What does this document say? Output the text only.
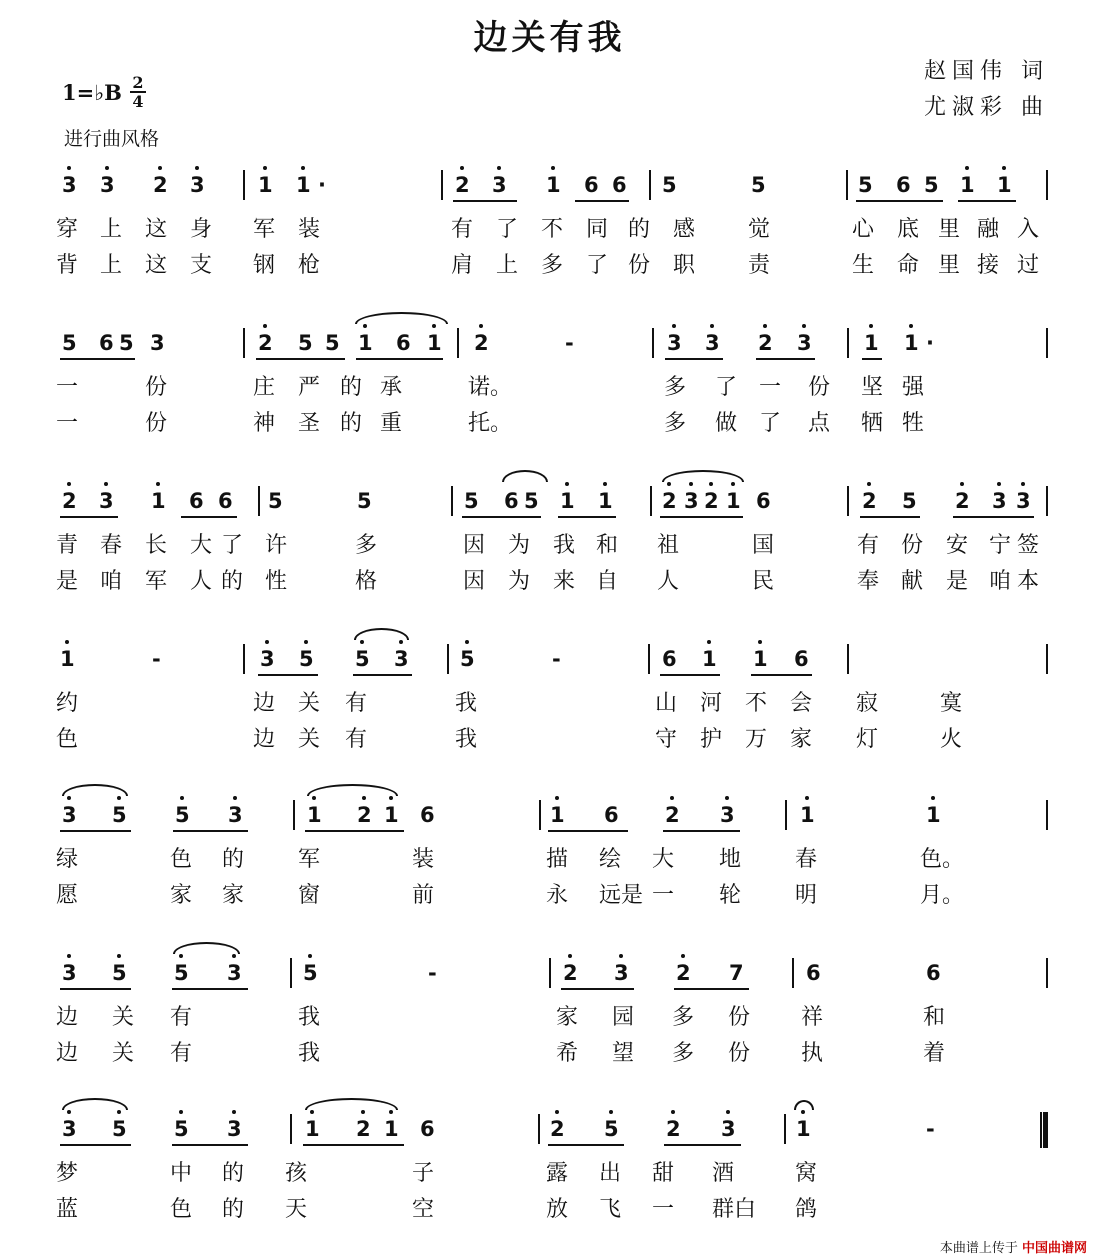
边关有我
赵国伟 词
尤淑彩 曲
1=♭B 2
4
进行曲风格
3 3 2 3	1 1 ·	2 3 1 6 6 5	5	5 6 5 1 1
穿 上 这 身 军 装	有 了 不 同 的 感 觉	心 底 里 融 入
背 上 这 支 钢 枪	肩 上 多 了 份 职 责	生 命 里 接 过
5 6 5 3	2 5 5 1 6 1 2	-	3 3 2 3 1 1 ·
一	份	庄 严 的 承	诺。	多 了 一 份 坚 强
一	份	神 圣 的 重	托。	多 做 了 点 牺 牲
2 3 1 6 6 5	5	5 6 5 1 1 2 3 2 1 6	2 5 2 3 3
青 春 长 大 了 许	多	因 为 我 和 祖	国	有 份 安 宁 签
是 咱 军 人 的 性	格	因 为 来 自 人	民	奉 献 是 咱 本
1	-	3 5 5 3 5	-	6 1 1 6
约	边 关 有	我	山 河 不 会 寂	寞
色	边 关 有	我	守 护 万 家 灯	火
3 5 5 3	1 2 1 6	1 6 2 3	1	1
绿	色 的 军	装	描 绘 大 地 春	色。
愿	家 家 窗	前	永 远是 一 轮 明	月。
3 5 5 3	5	-	2 3 2 7	6	6
边 关 有	我	家 园 多 份 祥	和
边 关 有	我	希 望 多 份 执	着
3 5 5 3	1 2 1 6	2 5 2 3	1	-
梦	中 的 孩	子	露 出 甜 酒	窝
蓝	色 的 天	空	放 飞 一 群白 鸽
本曲谱上传于 中国曲谱网
